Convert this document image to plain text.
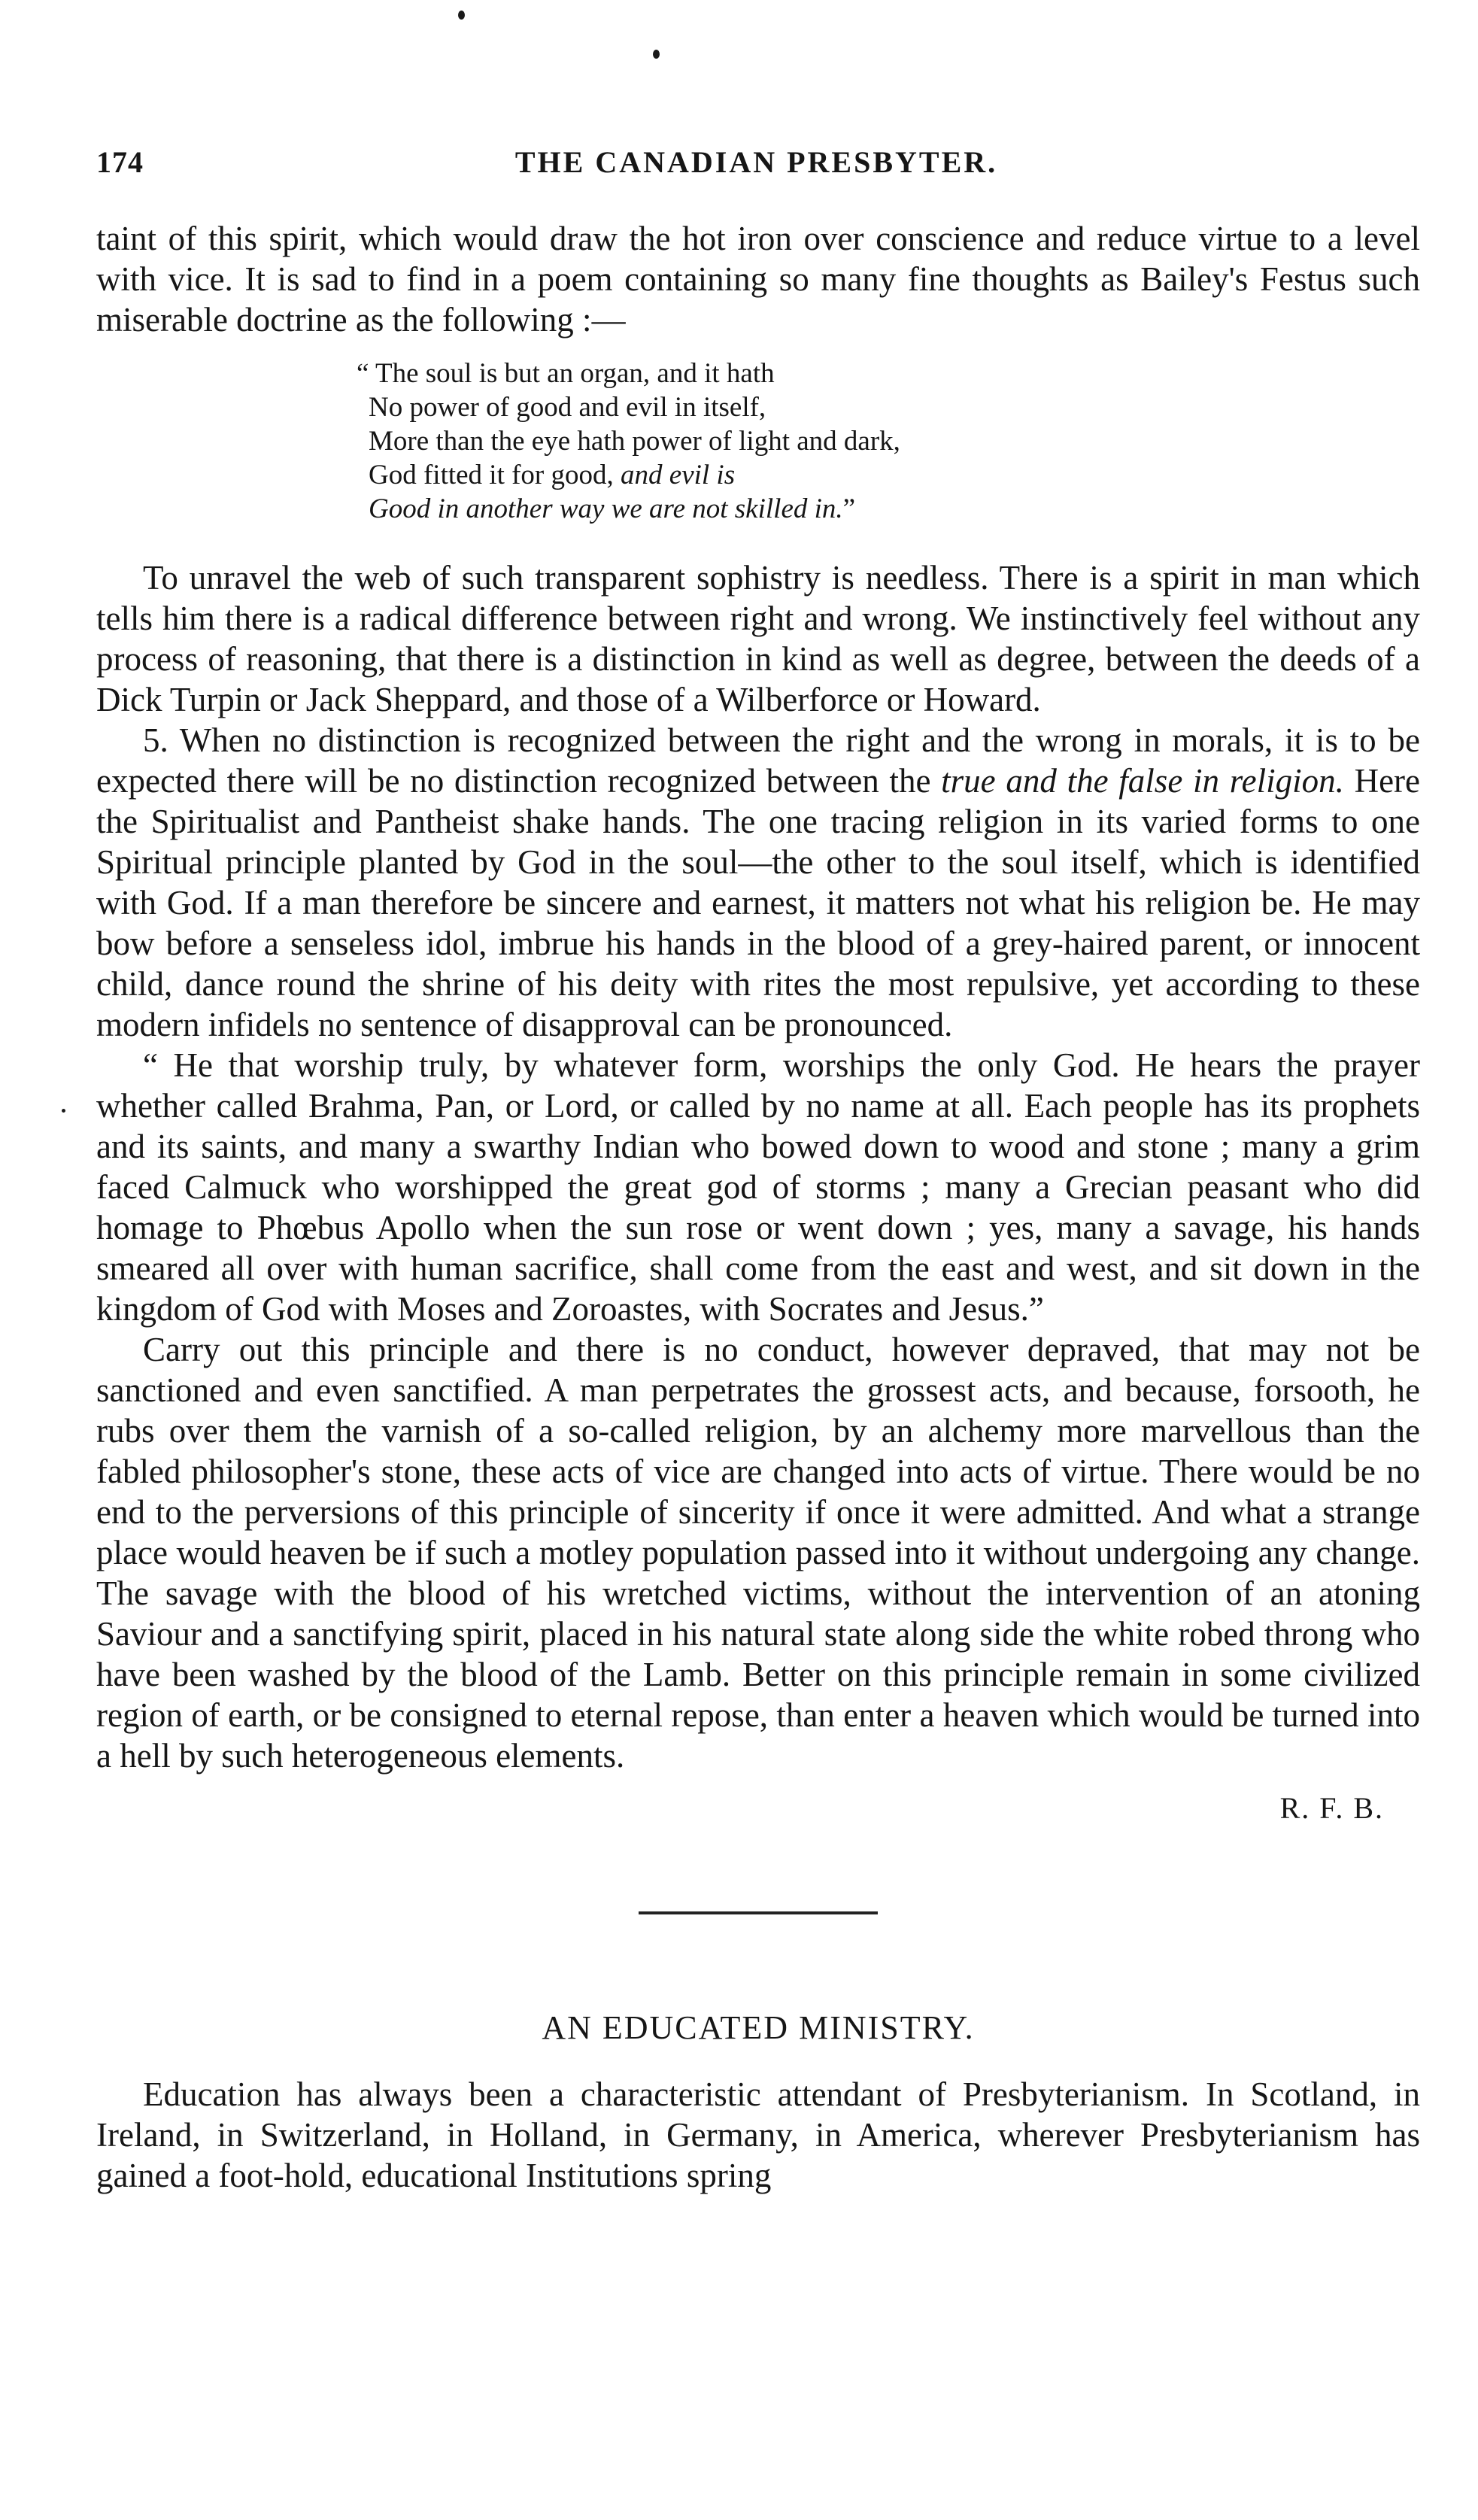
174	THE CANADIAN PRESBYTER.

taint of this spirit, which would draw the hot iron over conscience and reduce virtue to a level with vice. It is sad to find in a poem containing so many fine thoughts as Bailey's Festus such miserable doctrine as the following :—

“ The soul is but an organ, and it hath
No power of good and evil in itself,
More than the eye hath power of light and dark,
God fitted it for good, and evil is
Good in another way we are not skilled in.”

To unravel the web of such transparent sophistry is needless. There is a spirit in man which tells him there is a radical difference between right and wrong. We instinctively feel without any process of reasoning, that there is a distinction in kind as well as degree, between the deeds of a Dick Turpin or Jack Sheppard, and those of a Wilberforce or Howard.

5. When no distinction is recognized between the right and the wrong in morals, it is to be expected there will be no distinction recognized between the true and the false in religion. Here the Spiritualist and Pantheist shake hands. The one tracing religion in its varied forms to one Spiritual principle planted by God in the soul—the other to the soul itself, which is identified with God. If a man therefore be sincere and earnest, it matters not what his religion be. He may bow before a senseless idol, imbrue his hands in the blood of a grey-haired parent, or innocent child, dance round the shrine of his deity with rites the most repulsive, yet according to these modern infidels no sentence of disapproval can be pronounced.

“ He that worship truly, by whatever form, worships the only God. He hears the prayer whether called Brahma, Pan, or Lord, or called by no name at all. Each people has its prophets and its saints, and many a swarthy Indian who bowed down to wood and stone ; many a grim faced Calmuck who worshipped the great god of storms ; many a Grecian peasant who did homage to Phœbus Apollo when the sun rose or went down ; yes, many a savage, his hands smeared all over with human sacrifice, shall come from the east and west, and sit down in the kingdom of God with Moses and Zoroastes, with Socrates and Jesus.”

Carry out this principle and there is no conduct, however depraved, that may not be sanctioned and even sanctified. A man perpetrates the grossest acts, and because, forsooth, he rubs over them the varnish of a so-called religion, by an alchemy more marvellous than the fabled philosopher's stone, these acts of vice are changed into acts of virtue. There would be no end to the perversions of this principle of sincerity if once it were admitted. And what a strange place would heaven be if such a motley population passed into it without undergoing any change. The savage with the blood of his wretched victims, without the intervention of an atoning Saviour and a sanctifying spirit, placed in his natural state along side the white robed throng who have been washed by the blood of the Lamb. Better on this principle remain in some civilized region of earth, or be consigned to eternal repose, than enter a heaven which would be turned into a hell by such heterogeneous elements.

R. F. B.

AN EDUCATED MINISTRY.

Education has always been a characteristic attendant of Presbyterianism. In Scotland, in Ireland, in Switzerland, in Holland, in Germany, in America, wherever Presbyterianism has gained a foot-hold, educational Institutions spring
